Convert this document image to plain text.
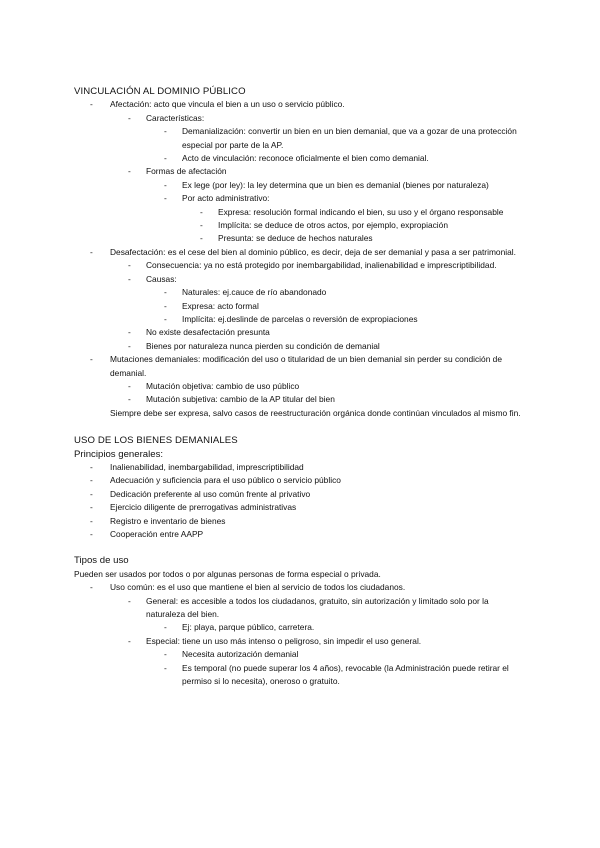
VINCULACIÓN AL DOMINIO PÚBLICO
- Afectación: acto que vincula el bien a un uso o servicio público.
- Características:
- Demanialización: convertir un bien en un bien demanial, que va a gozar de una protección especial por parte de la AP.
- Acto de vinculación: reconoce oficialmente el bien como demanial.
- Formas de afectación
- Ex lege (por ley): la ley determina que un bien es demanial (bienes por naturaleza)
- Por acto administrativo:
- Expresa: resolución formal indicando el bien, su uso y el órgano responsable
- Implícita: se deduce de otros actos, por ejemplo, expropiación
- Presunta: se deduce de hechos naturales
- Desafectación: es el cese del bien al dominio público, es decir, deja de ser demanial y pasa a ser patrimonial.
- Consecuencia: ya no está protegido por inembargabilidad, inalienabilidad e imprescriptibilidad.
- Causas:
- Naturales: ej.cauce de río abandonado
- Expresa: acto formal
- Implícita: ej.deslinde de parcelas o reversión de expropiaciones
- No existe desafectación presunta
- Bienes por naturaleza nunca pierden su condición de demanial
- Mutaciones demaniales: modificación del uso o titularidad de un bien demanial sin perder su condición de demanial.
- Mutación objetiva: cambio de uso público
- Mutación subjetiva: cambio de la AP titular del bien
Siempre debe ser expresa, salvo casos de reestructuración orgánica donde continúan vinculados al mismo fin.
USO DE LOS BIENES DEMANIALES
Principios generales:
- Inalienabilidad, inembargabilidad, imprescriptibilidad
- Adecuación y suficiencia para el uso público o servicio público
- Dedicación preferente al uso común frente al privativo
- Ejercicio diligente de prerrogativas administrativas
- Registro e inventario de bienes
- Cooperación entre AAPP
Tipos de uso
Pueden ser usados por todos o por algunas personas de forma especial o privada.
- Uso común: es el uso que mantiene el bien al servicio de todos los ciudadanos.
- General: es accesible a todos los ciudadanos, gratuito, sin autorización y limitado solo por la naturaleza del bien.
- Ej: playa, parque público, carretera.
- Especial: tiene un uso más intenso o peligroso, sin impedir el uso general.
- Necesita autorización demanial
- Es temporal (no puede superar los 4 años), revocable (la Administración puede retirar el permiso si lo necesita), oneroso o gratuito.
